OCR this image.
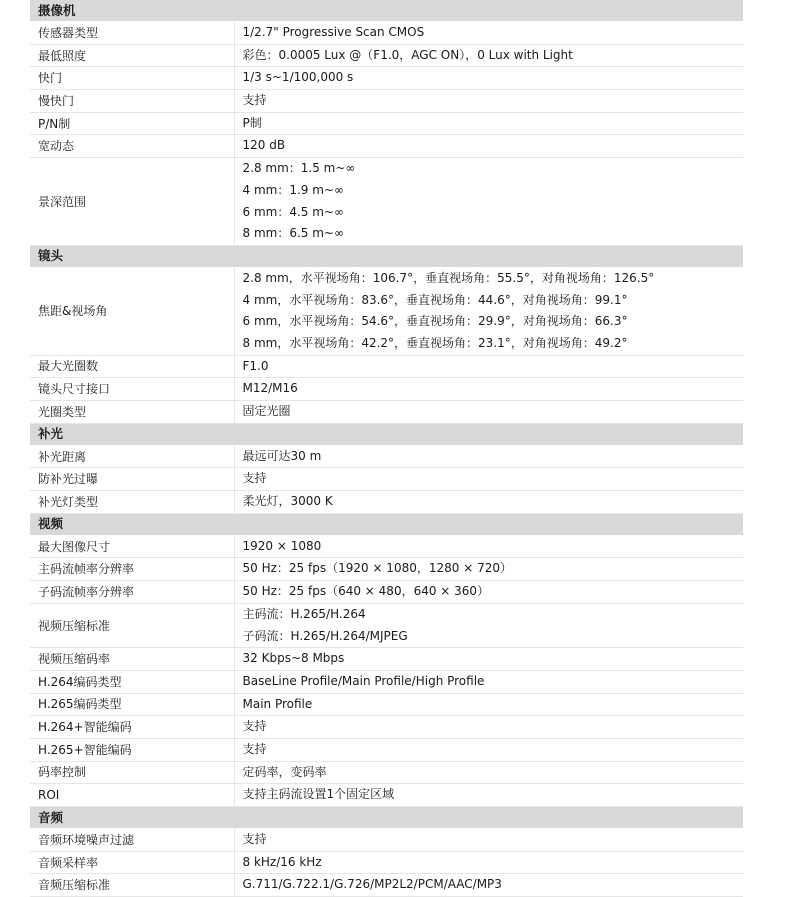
摄像机	
传感器类型	1/2.7" Progressive Scan CMOS

最低照度	彩色：0.0005 Lux @（F1.0，AGC ON），0 Lux with Light

快门	1/3 s~1/100,000 s

慢快门	支持

P/N制	P制

宽动态	120 dB

景深范围	2.8 mm：1.5 m~∞
4 mm：1.9 m~∞
6 mm：4.5 m~∞
8 mm：6.5 m~∞

镜头	
焦距&视场角	2.8 mm，水平视场角：106.7°，垂直视场角：55.5°，对角视场角：126.5°
4 mm，水平视场角：83.6°，垂直视场角：44.6°，对角视场角：99.1°
6 mm，水平视场角：54.6°，垂直视场角：29.9°，对角视场角：66.3°
8 mm，水平视场角：42.2°，垂直视场角：23.1°，对角视场角：49.2°

最大光圈数	F1.0

镜头尺寸接口	M12/M16

光圈类型	固定光圈

补光	
补光距离	最远可达30 m

防补光过曝	支持

补光灯类型	柔光灯，3000 K

视频	
最大图像尺寸	1920 × 1080

主码流帧率分辨率	50 Hz：25 fps（1920 × 1080，1280 × 720）

子码流帧率分辨率	50 Hz：25 fps（640 × 480，640 × 360）

视频压缩标准	主码流：H.265/H.264
子码流：H.265/H.264/MJPEG

视频压缩码率	32 Kbps~8 Mbps

H.264编码类型	BaseLine Profile/Main Profile/High Profile

H.265编码类型	Main Profile

H.264+智能编码	支持

H.265+智能编码	支持

码率控制	定码率，变码率

ROI	支持主码流设置1个固定区域

音频	
音频环境噪声过滤	支持

音频采样率	8 kHz/16 kHz

音频压缩标准	G.711/G.722.1/G.726/MP2L2/PCM/AAC/MP3
